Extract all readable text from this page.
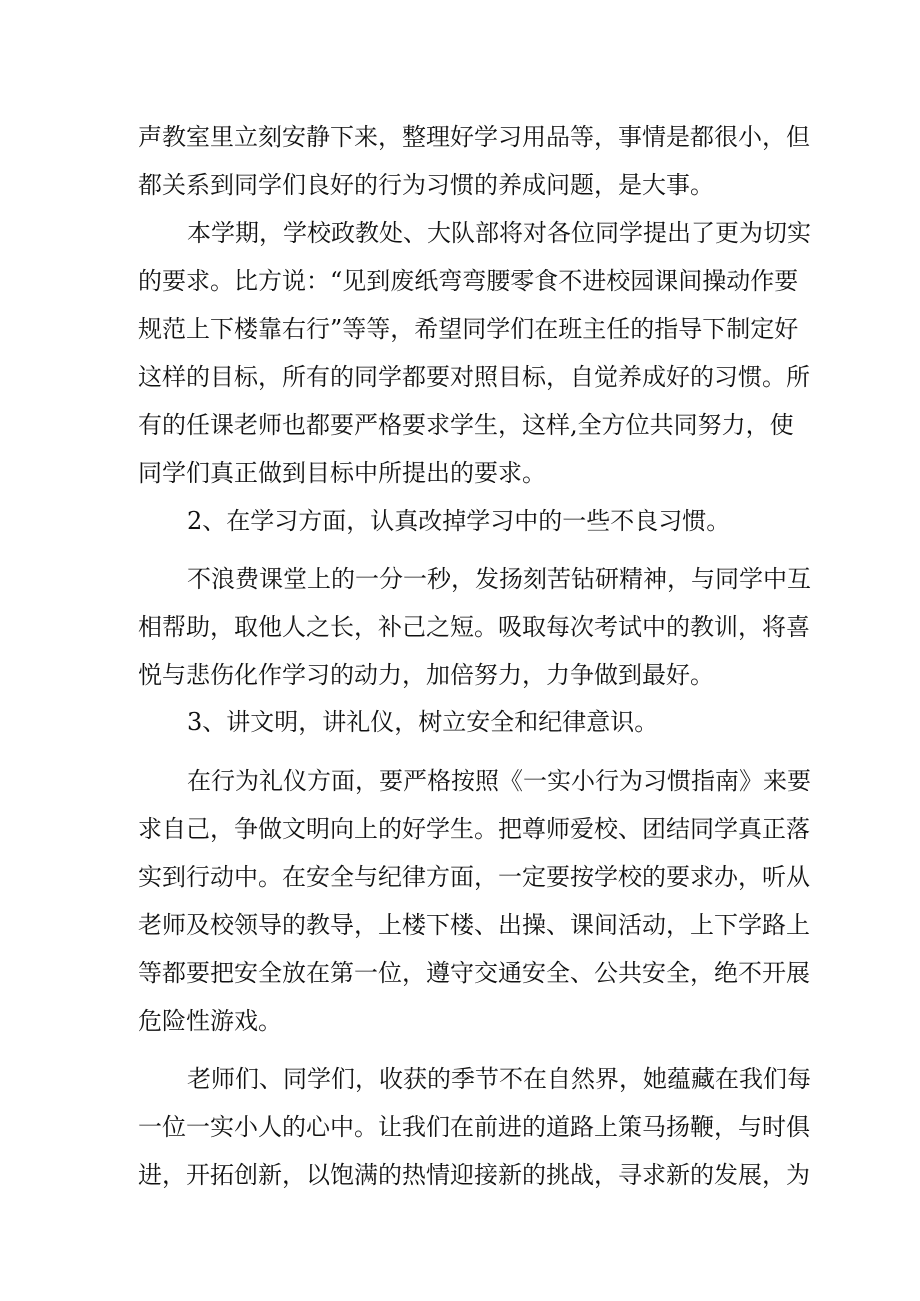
声教室里立刻安静下来，整理好学习用品等，事情是都很小，但
都关系到同学们良好的行为习惯的养成问题，是大事。
本学期，学校政教处、大队部将对各位同学提出了更为切实
的要求。比方说：“见到废纸弯弯腰零食不进校园课间操动作要
规范上下楼靠右行”等等，希望同学们在班主任的指导下制定好
这样的目标，所有的同学都要对照目标，自觉养成好的习惯。所
有的任课老师也都要严格要求学生，这样,全方位共同努力，使
同学们真正做到目标中所提出的要求。
2、在学习方面，认真改掉学习中的一些不良习惯。
不浪费课堂上的一分一秒，发扬刻苦钻研精神，与同学中互
相帮助，取他人之长，补己之短。吸取每次考试中的教训，将喜
悦与悲伤化作学习的动力，加倍努力，力争做到最好。
3、讲文明，讲礼仪，树立安全和纪律意识。
在行为礼仪方面，要严格按照《一实小行为习惯指南》来要
求自己，争做文明向上的好学生。把尊师爱校、团结同学真正落
实到行动中。在安全与纪律方面，一定要按学校的要求办，听从
老师及校领导的教导，上楼下楼、出操、课间活动，上下学路上
等都要把安全放在第一位，遵守交通安全、公共安全，绝不开展
危险性游戏。
老师们、同学们，收获的季节不在自然界，她蕴藏在我们每
一位一实小人的心中。让我们在前进的道路上策马扬鞭，与时俱
进，开拓创新，以饱满的热情迎接新的挑战，寻求新的发展，为
